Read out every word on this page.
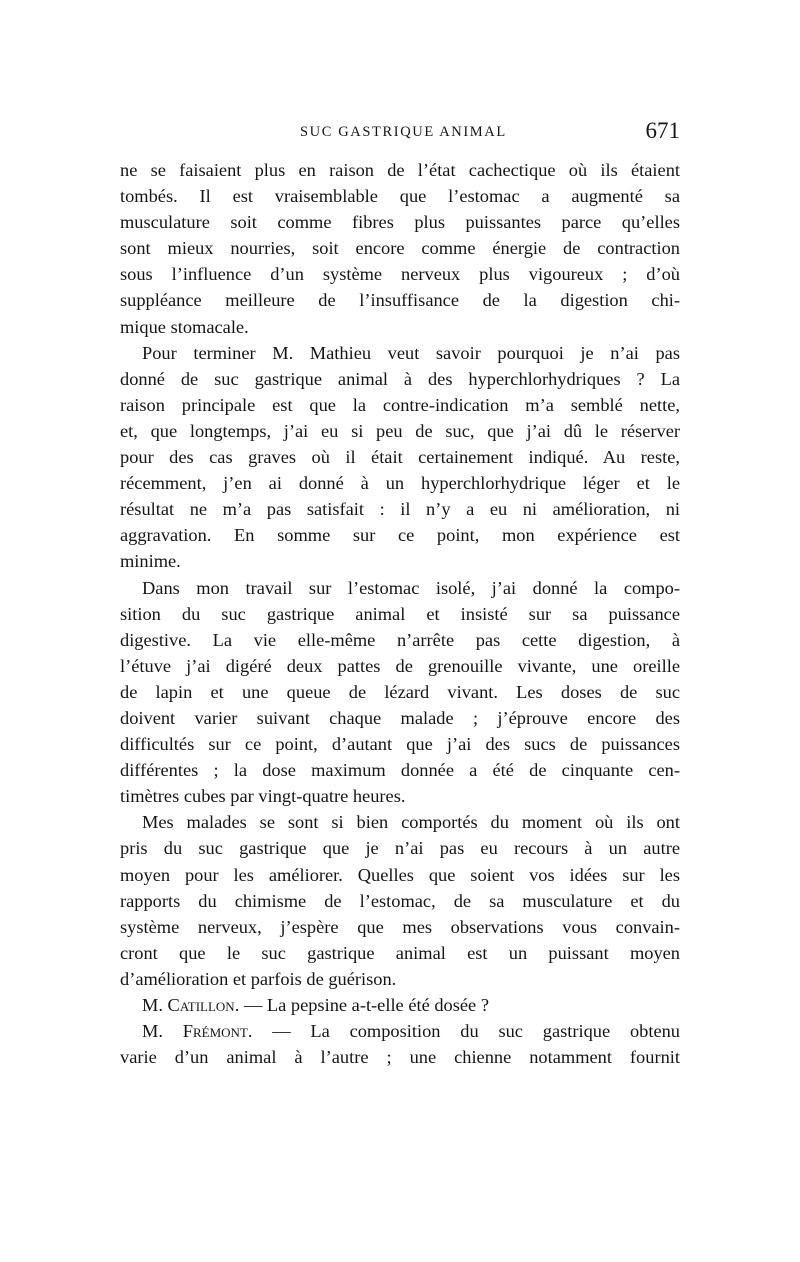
SUC GASTRIQUE ANIMAL	671
ne se faisaient plus en raison de l’état cachectique où ils étaient
tombés. Il est vraisemblable que l’estomac a augmenté sa
musculature soit comme fibres plus puissantes parce qu’elles
sont mieux nourries, soit encore comme énergie de contraction
sous l’influence d’un système nerveux plus vigoureux ; d’où
suppléance meilleure de l’insuffisance de la digestion chi-
mique stomacale.
Pour terminer M. Mathieu veut savoir pourquoi je n’ai pas
donné de suc gastrique animal à des hyperchlorhydriques ? La
raison principale est que la contre-indication m’a semblé nette,
et, que longtemps, j’ai eu si peu de suc, que j’ai dû le réserver
pour des cas graves où il était certainement indiqué. Au reste,
récemment, j’en ai donné à un hyperchlorhydrique léger et le
résultat ne m’a pas satisfait : il n’y a eu ni amélioration, ni
aggravation. En somme sur ce point, mon expérience est
minime.
Dans mon travail sur l’estomac isolé, j’ai donné la compo-
sition du suc gastrique animal et insisté sur sa puissance
digestive. La vie elle-même n’arrête pas cette digestion, à
l’étuve j’ai digéré deux pattes de grenouille vivante, une oreille
de lapin et une queue de lézard vivant. Les doses de suc
doivent varier suivant chaque malade ; j’éprouve encore des
difficultés sur ce point, d’autant que j’ai des sucs de puissances
différentes ; la dose maximum donnée a été de cinquante cen-
timètres cubes par vingt-quatre heures.
Mes malades se sont si bien comportés du moment où ils ont
pris du suc gastrique que je n’ai pas eu recours à un autre
moyen pour les améliorer. Quelles que soient vos idées sur les
rapports du chimisme de l’estomac, de sa musculature et du
système nerveux, j’espère que mes observations vous convain-
cront que le suc gastrique animal est un puissant moyen
d’amélioration et parfois de guérison.
M. Catillon. — La pepsine a-t-elle été dosée ?
M. Frémont. — La composition du suc gastrique obtenu
varie d’un animal à l’autre ; une chienne notamment fournit
